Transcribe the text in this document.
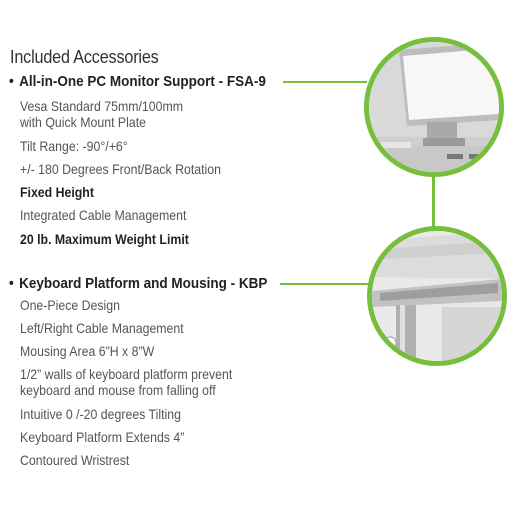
Included Accessories
• All-in-One PC Monitor Support - FSA-9
Vesa Standard 75mm/100mm
with Quick Mount Plate
Tilt Range: -90°/+6°
+/- 180 Degrees Front/Back Rotation
Fixed Height
Integrated Cable Management
20 lb. Maximum Weight Limit
• Keyboard Platform and Mousing - KBP
One-Piece Design
Left/Right Cable Management
Mousing Area 6”H x 8”W
1/2” walls of keyboard platform prevent
keyboard and mouse from falling off
Intuitive 0 /-20 degrees Tilting
Keyboard Platform Extends 4”
Contoured Wristrest
ALTUS
